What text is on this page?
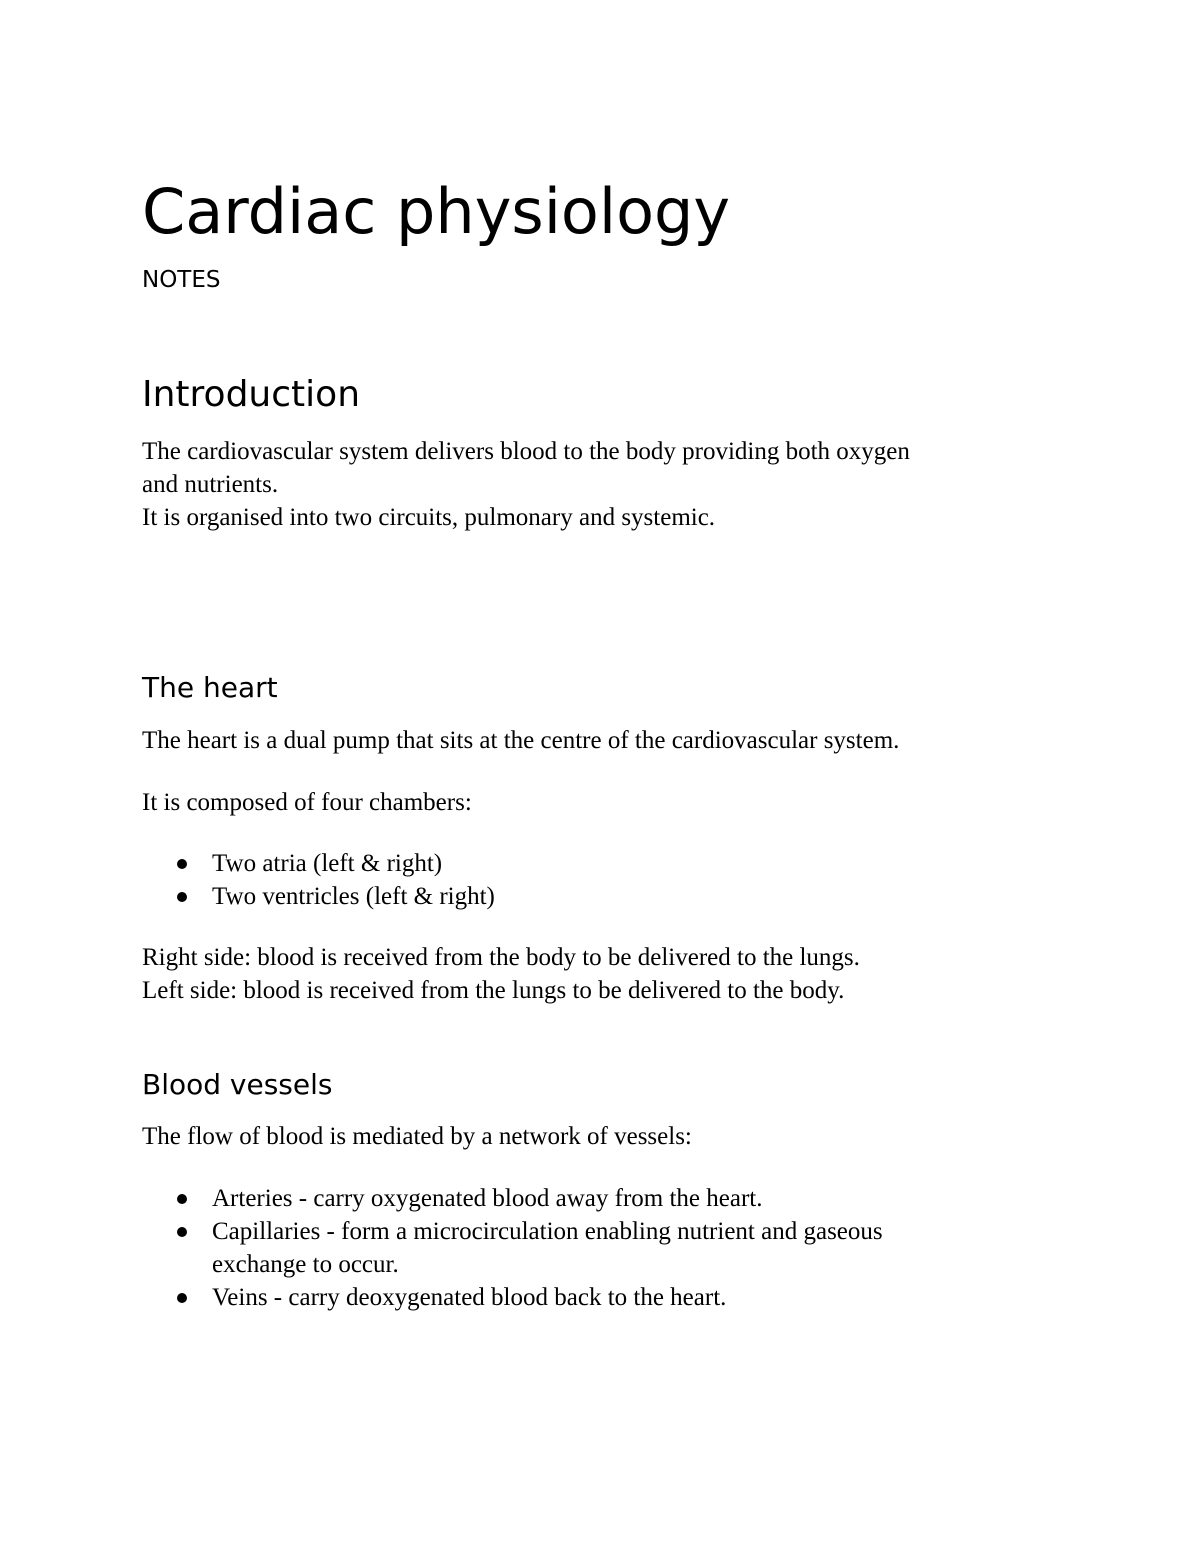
Cardiac physiology
NOTES
Introduction
The cardiovascular system delivers blood to the body providing both oxygen
and nutrients.
It is organised into two circuits, pulmonary and systemic.
The heart
The heart is a dual pump that sits at the centre of the cardiovascular system.
It is composed of four chambers:
Two atria (left & right)
Two ventricles (left & right)
Right side: blood is received from the body to be delivered to the lungs.
Left side: blood is received from the lungs to be delivered to the body.
Blood vessels
The flow of blood is mediated by a network of vessels:
Arteries - carry oxygenated blood away from the heart.
Capillaries - form a microcirculation enabling nutrient and gaseous
exchange to occur.
Veins - carry deoxygenated blood back to the heart.
